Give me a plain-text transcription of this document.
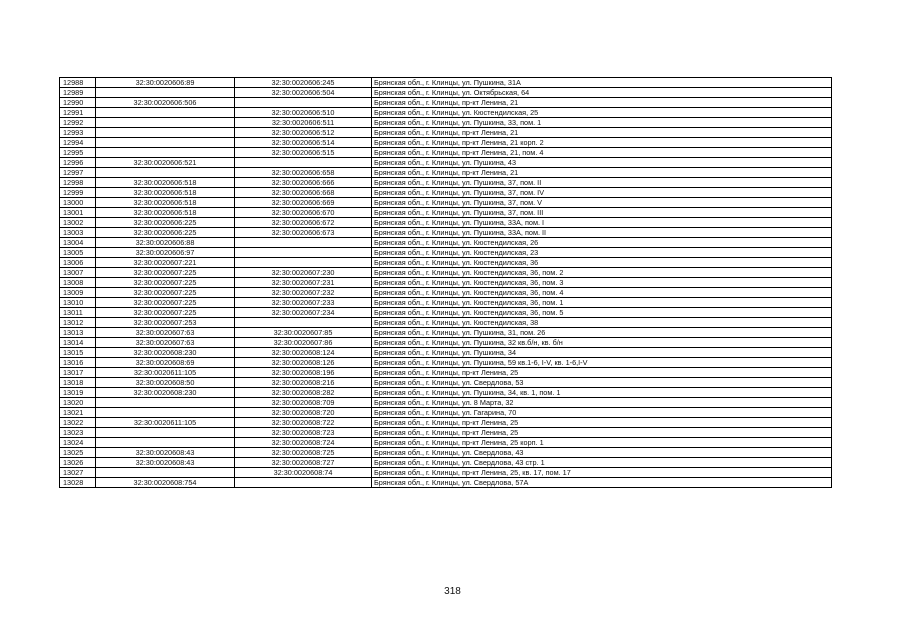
12988	32:30:0020606:89	32:30:0020606:245	Брянская обл., г. Клинцы, ул. Пушкина, 31А
12989		32:30:0020606:504	Брянская обл., г. Клинцы, ул. Октябрьская, 64
12990	32:30:0020606:506		Брянская обл., г. Клинцы, пр-кт Ленина, 21
12991		32:30:0020606:510	Брянская обл., г. Клинцы, ул. Кюстендилская, 25
12992		32:30:0020606:511	Брянская обл., г. Клинцы, ул. Пушкина, 33, пом. 1
12993		32:30:0020606:512	Брянская обл., г. Клинцы, пр-кт Ленина, 21
12994		32:30:0020606:514	Брянская обл., г. Клинцы, пр-кт Ленина, 21 корп. 2
12995		32:30:0020606:515	Брянская обл., г. Клинцы, пр-кт Ленина, 21, пом. 4
12996	32:30:0020606:521		Брянская обл., г. Клинцы, ул. Пушкина, 43
12997		32:30:0020606:658	Брянская обл., г. Клинцы, пр-кт Ленина, 21
12998	32:30:0020606:518	32:30:0020606:666	Брянская обл., г. Клинцы, ул. Пушкина, 37, пом. II
12999	32:30:0020606:518	32:30:0020606:668	Брянская обл., г. Клинцы, ул. Пушкина, 37, пом. IV
13000	32:30:0020606:518	32:30:0020606:669	Брянская обл., г. Клинцы, ул. Пушкина, 37, пом. V
13001	32:30:0020606:518	32:30:0020606:670	Брянская обл., г. Клинцы, ул. Пушкина, 37, пом. III
13002	32:30:0020606:225	32:30:0020606:672	Брянская обл., г. Клинцы, ул. Пушкина, 33А, пом. I
13003	32:30:0020606:225	32:30:0020606:673	Брянская обл., г. Клинцы, ул. Пушкина, 33А, пом. II
13004	32:30:0020606:88		Брянская обл., г. Клинцы, ул. Кюстендилская, 26
13005	32:30:0020606:97		Брянская обл., г. Клинцы, ул. Кюстендилская, 23
13006	32:30:0020607:221		Брянская обл., г. Клинцы, ул. Кюстендилская, 36
13007	32:30:0020607:225	32:30:0020607:230	Брянская обл., г. Клинцы, ул. Кюстендилская, 36, пом. 2
13008	32:30:0020607:225	32:30:0020607:231	Брянская обл., г. Клинцы, ул. Кюстендилская, 36, пом. 3
13009	32:30:0020607:225	32:30:0020607:232	Брянская обл., г. Клинцы, ул. Кюстендилская, 36, пом. 4
13010	32:30:0020607:225	32:30:0020607:233	Брянская обл., г. Клинцы, ул. Кюстендилская, 36, пом. 1
13011	32:30:0020607:225	32:30:0020607:234	Брянская обл., г. Клинцы, ул. Кюстендилская, 36, пом. 5
13012	32:30:0020607:253		Брянская обл., г. Клинцы, ул. Кюстендилская, 38
13013	32:30:0020607:63	32:30:0020607:85	Брянская обл., г. Клинцы, ул. Пушкина, 31, пом. 26
13014	32:30:0020607:63	32:30:0020607:86	Брянская обл., г. Клинцы, ул. Пушкина, 32 кв.б/н, кв. б/н
13015	32:30:0020608:230	32:30:0020608:124	Брянская обл., г. Клинцы, ул. Пушкина, 34
13016	32:30:0020608:69	32:30:0020608:126	Брянская обл., г. Клинцы, ул. Пушкина, 59 кв.1-6, I-V, кв. 1-6,I-V
13017	32:30:0020611:105	32:30:0020608:196	Брянская обл., г. Клинцы, пр-кт Ленина, 25
13018	32:30:0020608:50	32:30:0020608:216	Брянская обл., г. Клинцы, ул. Свердлова, 53
13019	32:30:0020608:230	32:30:0020608:282	Брянская обл., г. Клинцы, ул. Пушкина, 34, кв. 1, пом. 1
13020		32:30:0020608:709	Брянская обл., г. Клинцы, ул. 8 Марта, 32
13021		32:30:0020608:720	Брянская обл., г. Клинцы, ул. Гагарина, 70
13022	32:30:0020611:105	32:30:0020608:722	Брянская обл., г. Клинцы, пр-кт Ленина, 25
13023		32:30:0020608:723	Брянская обл., г. Клинцы, пр-кт Ленина, 25
13024		32:30:0020608:724	Брянская обл., г. Клинцы, пр-кт Ленина, 25 корп. 1
13025	32:30:0020608:43	32:30:0020608:725	Брянская обл., г. Клинцы, ул. Свердлова, 43
13026	32:30:0020608:43	32:30:0020608:727	Брянская обл., г. Клинцы, ул. Свердлова, 43 стр. 1
13027		32:30:0020608:74	Брянская обл., г. Клинцы, пр-кт Ленина, 25, кв. 17, пом. 17
13028	32:30:0020608:754		Брянская обл., г. Клинцы, ул. Свердлова, 57А
318
